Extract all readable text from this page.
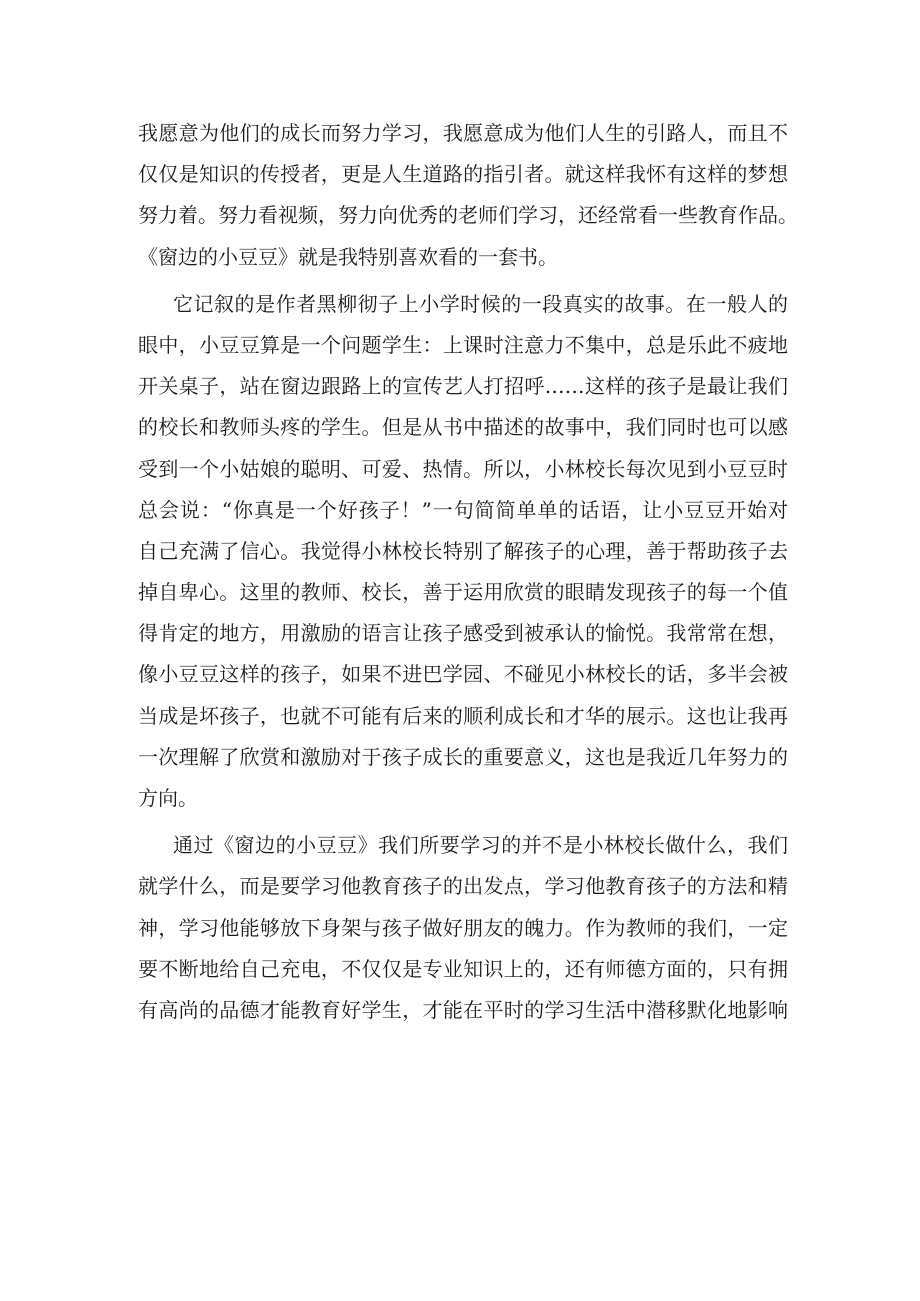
我愿意为他们的成长而努力学习，我愿意成为他们人生的引路人，而且不
仅仅是知识的传授者，更是人生道路的指引者。就这样我怀有这样的梦想
努力着。努力看视频，努力向优秀的老师们学习，还经常看一些教育作品。
《窗边的小豆豆》就是我特别喜欢看的一套书。
它记叙的是作者黑柳彻子上小学时候的一段真实的故事。在一般人的
眼中，小豆豆算是一个问题学生：上课时注意力不集中，总是乐此不疲地
开关桌子，站在窗边跟路上的宣传艺人打招呼……这样的孩子是最让我们
的校长和教师头疼的学生。但是从书中描述的故事中，我们同时也可以感
受到一个小姑娘的聪明、可爱、热情。所以，小林校长每次见到小豆豆时
总会说：“你真是一个好孩子！”一句简简单单的话语，让小豆豆开始对
自己充满了信心。我觉得小林校长特别了解孩子的心理，善于帮助孩子去
掉自卑心。这里的教师、校长，善于运用欣赏的眼睛发现孩子的每一个值
得肯定的地方，用激励的语言让孩子感受到被承认的愉悦。我常常在想，
像小豆豆这样的孩子，如果不进巴学园、不碰见小林校长的话，多半会被
当成是坏孩子，也就不可能有后来的顺利成长和才华的展示。这也让我再
一次理解了欣赏和激励对于孩子成长的重要意义，这也是我近几年努力的
方向。
通过《窗边的小豆豆》我们所要学习的并不是小林校长做什么，我们
就学什么，而是要学习他教育孩子的出发点，学习他教育孩子的方法和精
神，学习他能够放下身架与孩子做好朋友的魄力。作为教师的我们，一定
要不断地给自己充电，不仅仅是专业知识上的，还有师德方面的，只有拥
有高尚的品德才能教育好学生，才能在平时的学习生活中潜移默化地影响
